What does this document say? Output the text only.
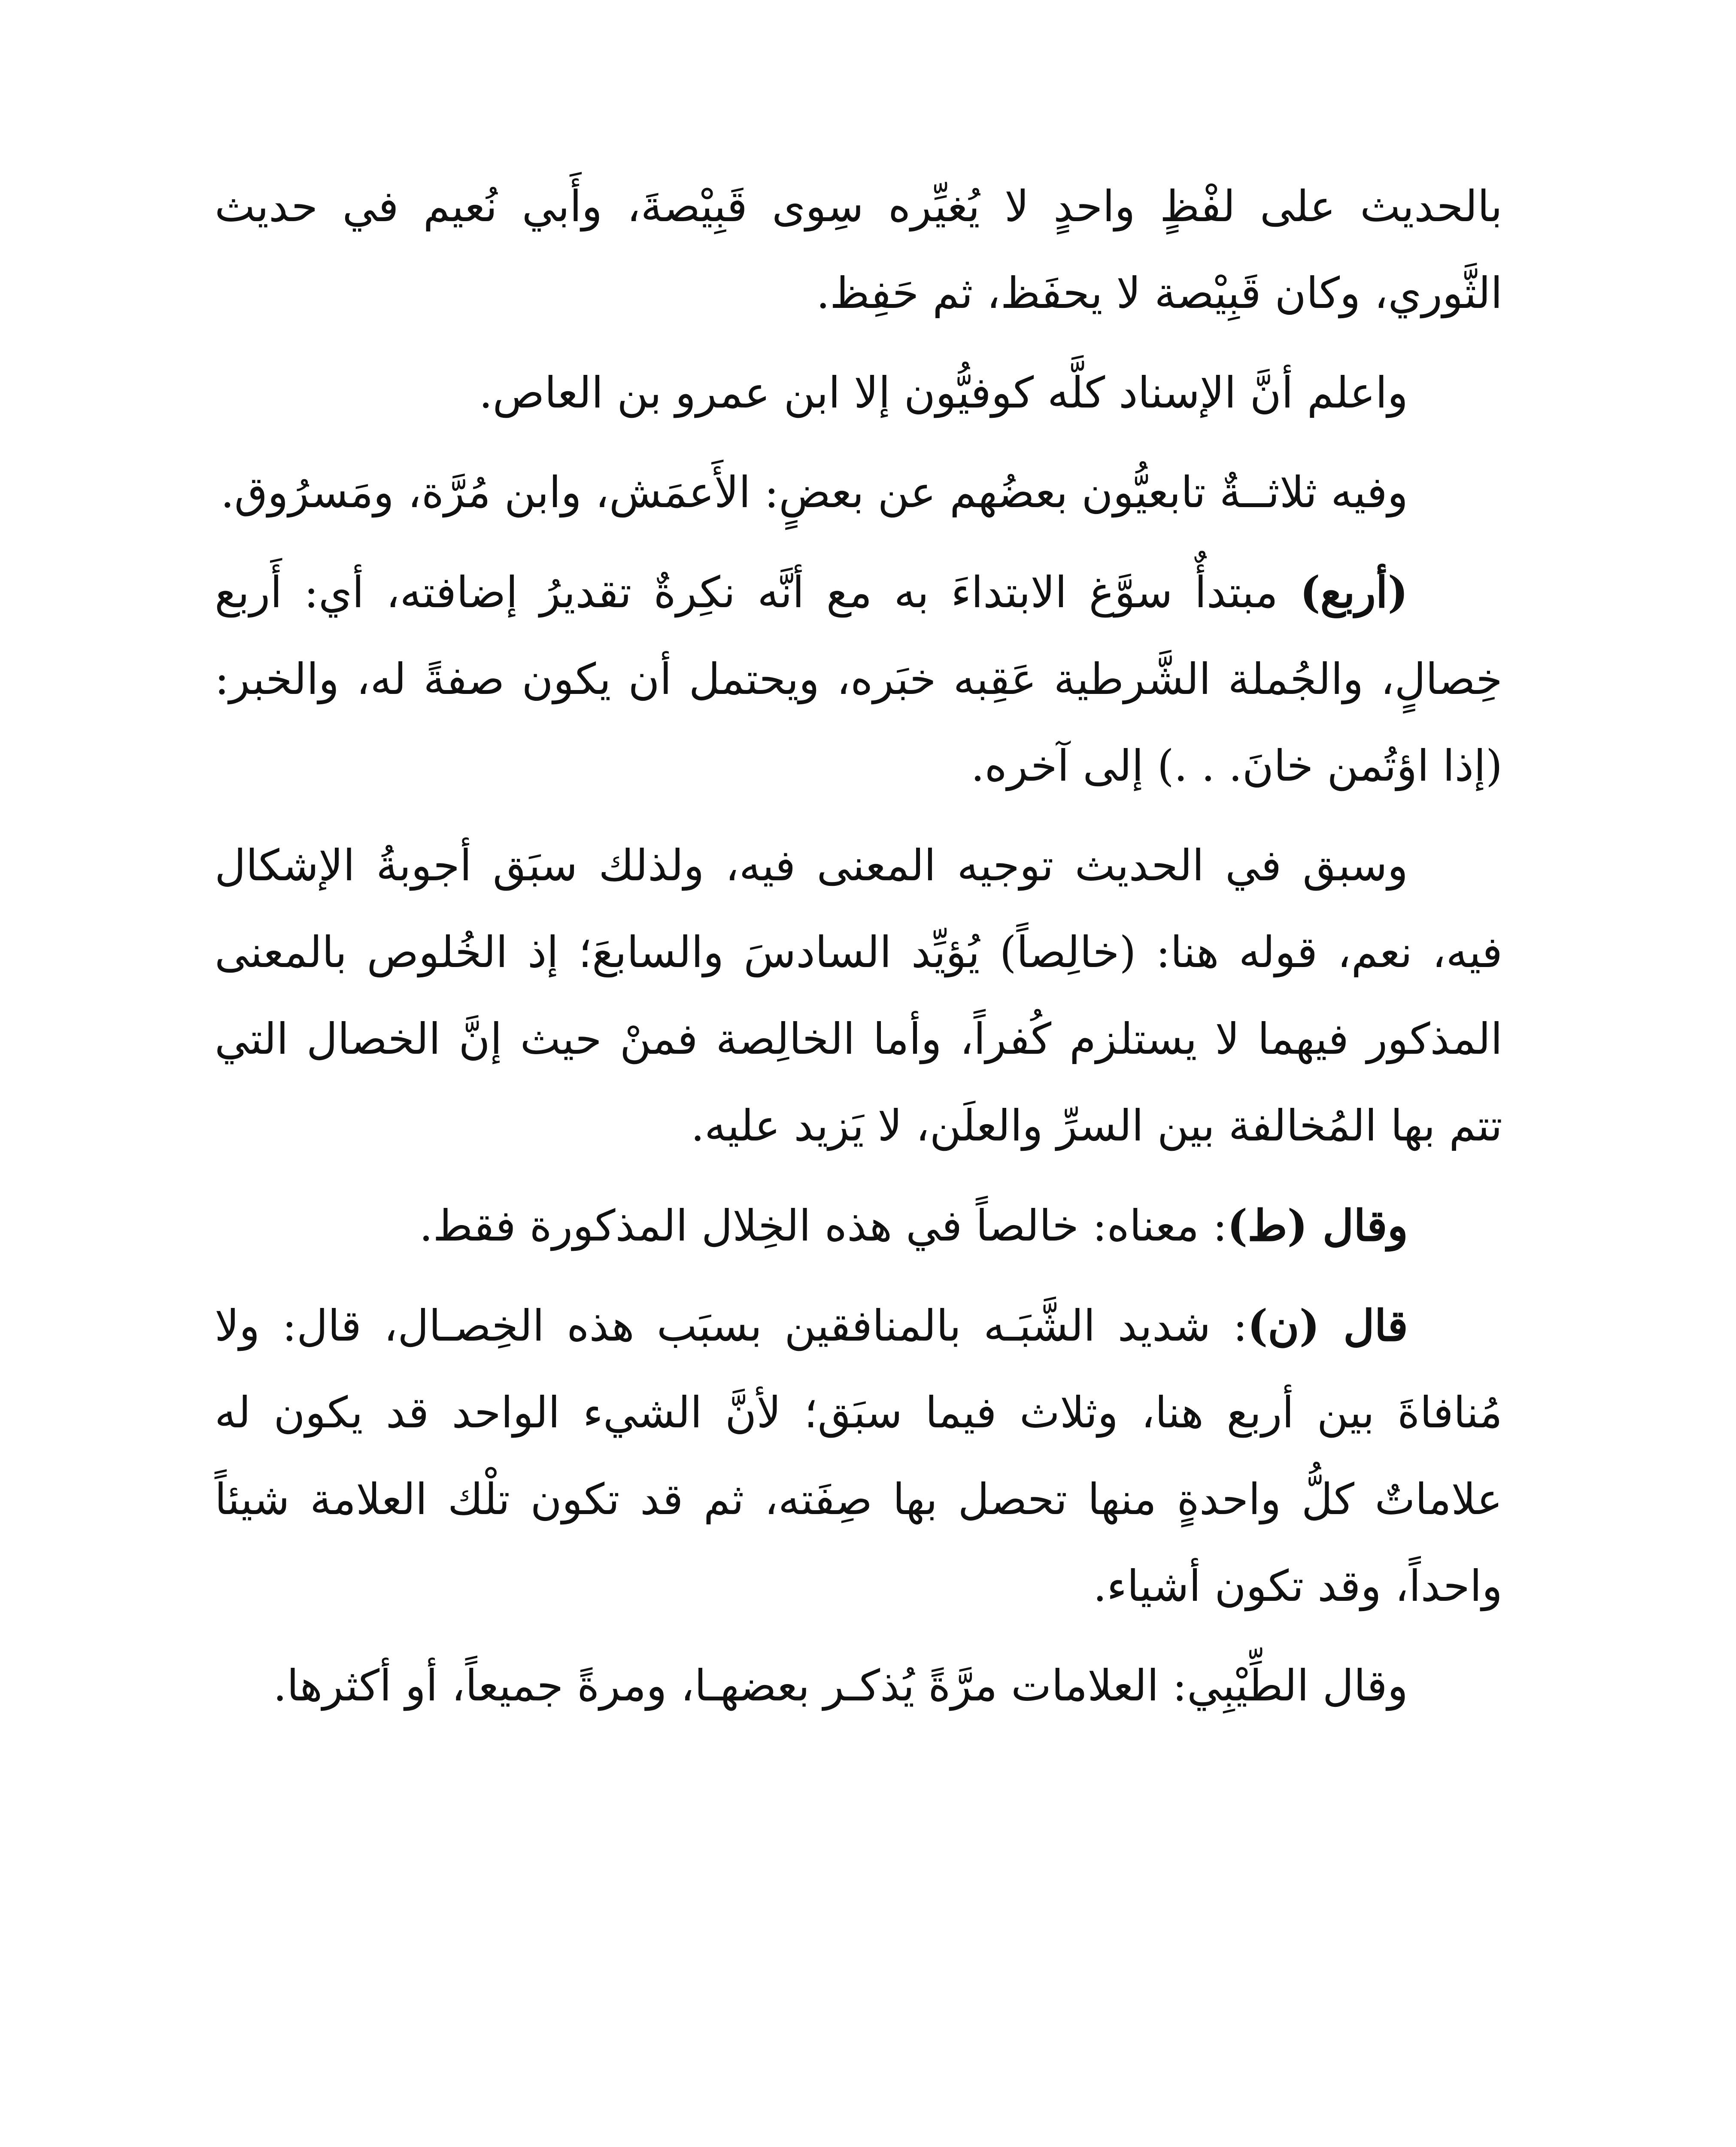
بالحديث على لفْظٍ واحدٍ لا يُغيِّره سِوى قَبِيْصةَ، وأَبي نُعيم في حديث الثَّوري، وكان قَبِيْصة لا يحفَظ، ثم حَفِظ.

واعلم أنَّ الإسناد كلَّه كوفيُّون إلا ابن عمرو بن العاص.

وفيه ثلاثــةٌ تابعيُّون بعضُهم عن بعضٍ: الأَعمَش، وابن مُرَّة، ومَسرُوق.

(أربع) مبتدأٌ سوَّغ الابتداءَ به مع أنَّه نكِرةٌ تقديرُ إضافته، أي: أَربع خِصالٍ، والجُملة الشَّرطية عَقِبه خبَره، ويحتمل أن يكون صفةً له، والخبر: (إذا اؤتُمن خانَ. . .) إلى آخره.

وسبق في الحديث توجيه المعنى فيه، ولذلك سبَق أجوبةُ الإشكال فيه، نعم، قوله هنا: (خالِصاً) يُؤيِّد السادسَ والسابعَ؛ إذ الخُلوص بالمعنى المذكور فيهما لا يستلزم كُفراً، وأما الخالِصة فمنْ حيث إنَّ الخصال التي تتم بها المُخالفة بين السرِّ والعلَن، لا يَزيد عليه.

وقال (ط): معناه: خالصاً في هذه الخِلال المذكورة فقط.

قال (ن): شديد الشَّبَـه بالمنافقين بسبَب هذه الخِصـال، قال: ولا مُنافاةَ بين أربع هنا، وثلاث فيما سبَق؛ لأنَّ الشيء الواحد قد يكون له علاماتٌ كلُّ واحدةٍ منها تحصل بها صِفَته، ثم قد تكون تلْك العلامة شيئاً واحداً، وقد تكون أشياء.

وقال الطِّيْبِي: العلامات مرَّةً يُذكـر بعضهـا، ومرةً جميعاً، أو أكثرها.
